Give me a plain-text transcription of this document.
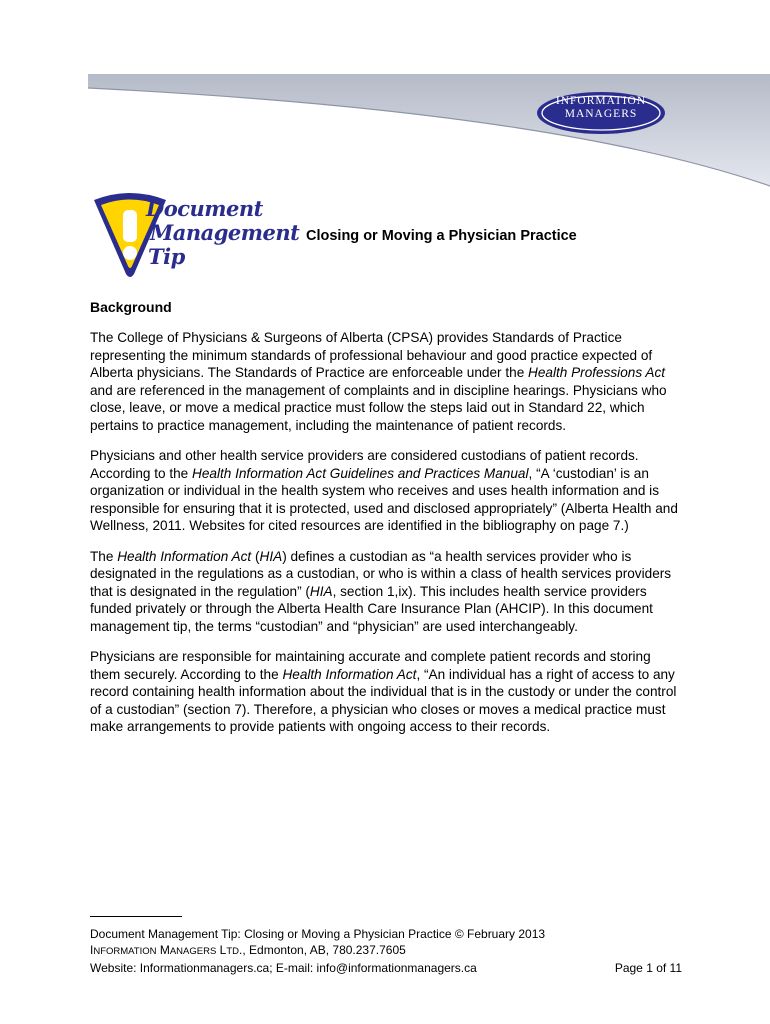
INFORMATION
MANAGERS
Document
Management
Tip
Closing or Moving a Physician Practice
Background

The College of Physicians & Surgeons of Alberta (CPSA) provides Standards of Practice representing the minimum standards of professional behaviour and good practice expected of Alberta physicians. The Standards of Practice are enforceable under the Health Professions Act and are referenced in the management of complaints and in discipline hearings. Physicians who close, leave, or move a medical practice must follow the steps laid out in Standard 22, which pertains to practice management, including the maintenance of patient records.

Physicians and other health service providers are considered custodians of patient records. According to the Health Information Act Guidelines and Practices Manual, “A ‘custodian’ is an organization or individual in the health system who receives and uses health information and is responsible for ensuring that it is protected, used and disclosed appropriately” (Alberta Health and Wellness, 2011. Websites for cited resources are identified in the bibliography on page 7.)

The Health Information Act (HIA) defines a custodian as “a health services provider who is designated in the regulations as a custodian, or who is within a class of health services providers that is designated in the regulation” (HIA, section 1,ix). This includes health service providers funded privately or through the Alberta Health Care Insurance Plan (AHCIP). In this document management tip, the terms “custodian” and “physician” are used interchangeably.

Physicians are responsible for maintaining accurate and complete patient records and storing them securely. According to the Health Information Act, “An individual has a right of access to any record containing health information about the individual that is in the custody or under the control of a custodian” (section 7). Therefore, a physician who closes or moves a medical practice must make arrangements to provide patients with ongoing access to their records.

Document Management Tip: Closing or Moving a Physician Practice © February 2013
INFORMATION MANAGERS LTD., Edmonton, AB, 780.237.7605
Website: Informationmanagers.ca; E-mail: info@informationmanagers.ca	Page 1 of 11
